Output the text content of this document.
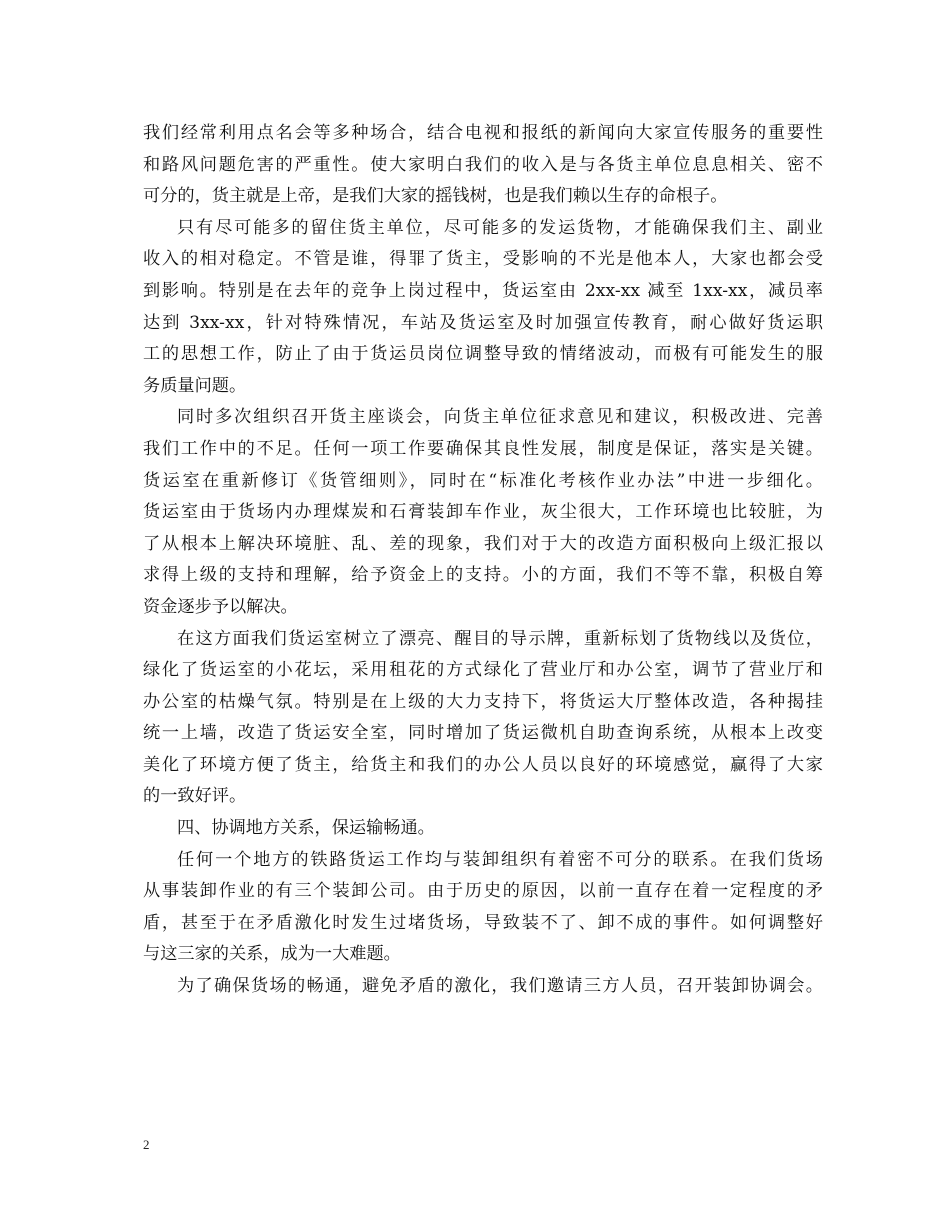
我们经常利用点名会等多种场合，结合电视和报纸的新闻向大家宣传服务的重要性
和路风问题危害的严重性。使大家明白我们的收入是与各货主单位息息相关、密不
可分的，货主就是上帝，是我们大家的摇钱树，也是我们赖以生存的命根子。
只有尽可能多的留住货主单位，尽可能多的发运货物，才能确保我们主、副业
收入的相对稳定。不管是谁，得罪了货主，受影响的不光是他本人，大家也都会受
到影响。特别是在去年的竞争上岗过程中，货运室由 2xx-xx 减至 1xx-xx，减员率
达到 3xx-xx，针对特殊情况，车站及货运室及时加强宣传教育，耐心做好货运职
工的思想工作，防止了由于货运员岗位调整导致的情绪波动，而极有可能发生的服
务质量问题。
同时多次组织召开货主座谈会，向货主单位征求意见和建议，积极改进、完善
我们工作中的不足。任何一项工作要确保其良性发展，制度是保证，落实是关键。
货运室在重新修订《货管细则》，同时在“标准化考核作业办法”中进一步细化。
货运室由于货场内办理煤炭和石膏装卸车作业，灰尘很大，工作环境也比较脏，为
了从根本上解决环境脏、乱、差的现象，我们对于大的改造方面积极向上级汇报以
求得上级的支持和理解，给予资金上的支持。小的方面，我们不等不靠，积极自筹
资金逐步予以解决。
在这方面我们货运室树立了漂亮、醒目的导示牌，重新标划了货物线以及货位，
绿化了货运室的小花坛，采用租花的方式绿化了营业厅和办公室，调节了营业厅和
办公室的枯燥气氛。特别是在上级的大力支持下，将货运大厅整体改造，各种揭挂
统一上墙，改造了货运安全室，同时增加了货运微机自助查询系统，从根本上改变
美化了环境方便了货主，给货主和我们的办公人员以良好的环境感觉，赢得了大家
的一致好评。
四、协调地方关系，保运输畅通。
任何一个地方的铁路货运工作均与装卸组织有着密不可分的联系。在我们货场
从事装卸作业的有三个装卸公司。由于历史的原因，以前一直存在着一定程度的矛
盾，甚至于在矛盾激化时发生过堵货场，导致装不了、卸不成的事件。如何调整好
与这三家的关系，成为一大难题。
为了确保货场的畅通，避免矛盾的激化，我们邀请三方人员，召开装卸协调会。
2
